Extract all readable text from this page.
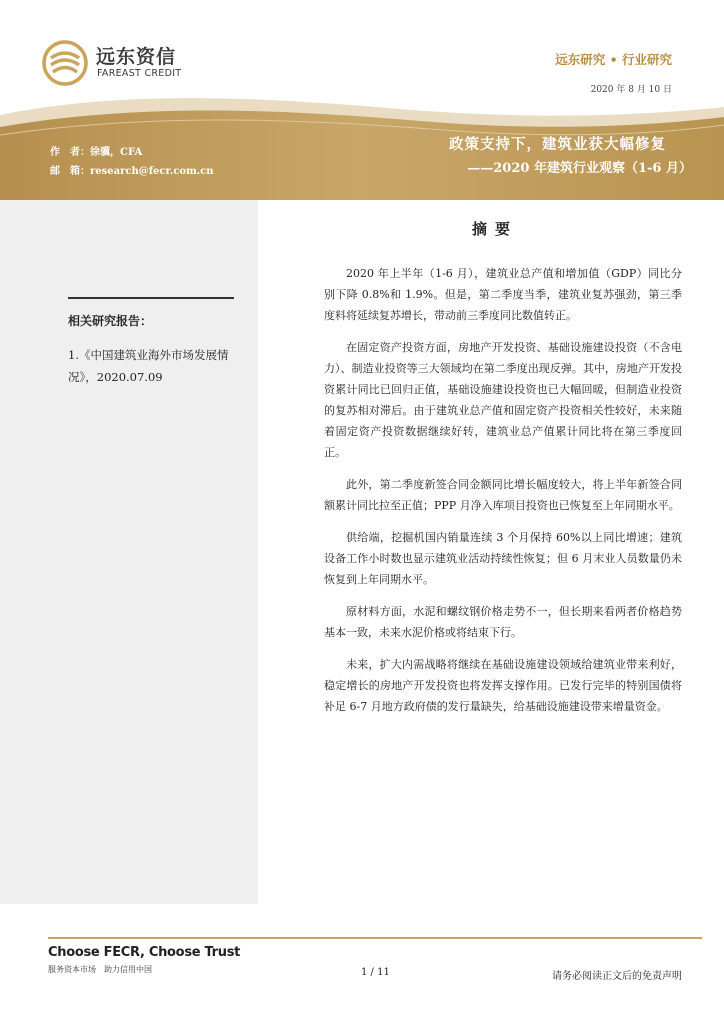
远东资信
FAREAST CREDIT
远东研究 • 行业研究
2020 年 8 月 10 日
作　者：徐骥，CFA
邮　箱：research@fecr.com.cn
政策支持下，建筑业获大幅修复
——2020 年建筑行业观察（1-6 月）
相关研究报告：
1.《中国建筑业海外市场发展情况》，2020.07.09
摘要

2020 年上半年（1-6 月），建筑业总产值和增加值（GDP）同比分别下降 0.8%和 1.9%。但是，第二季度当季，建筑业复苏强劲，第三季度料将延续复苏增长，带动前三季度同比数值转正。

在固定资产投资方面，房地产开发投资、基础设施建设投资（不含电力）、制造业投资等三大领域均在第二季度出现反弹。其中，房地产开发投资累计同比已回归正值，基础设施建设投资也已大幅回暖，但制造业投资的复苏相对滞后。由于建筑业总产值和固定资产投资相关性较好，未来随着固定资产投资数据继续好转，建筑业总产值累计同比将在第三季度回正。

此外，第二季度新签合同金额同比增长幅度较大，将上半年新签合同额累计同比拉至正值；PPP 月净入库项目投资也已恢复至上年同期水平。

供给端，挖掘机国内销量连续 3 个月保持 60%以上同比增速；建筑设备工作小时数也显示建筑业活动持续性恢复；但 6 月末业人员数量仍未恢复到上年同期水平。

原材料方面，水泥和螺纹钢价格走势不一，但长期来看两者价格趋势基本一致，未来水泥价格或将结束下行。

未来，扩大内需战略将继续在基础设施建设领域给建筑业带来利好，稳定增长的房地产开发投资也将发挥支撑作用。已发行完毕的特别国债将补足 6-7 月地方政府债的发行量缺失，给基础设施建设带来增量资金。

Choose FECR, Choose Trust
服务资本市场　助力信用中国	1 / 11	请务必阅读正文后的免责声明
